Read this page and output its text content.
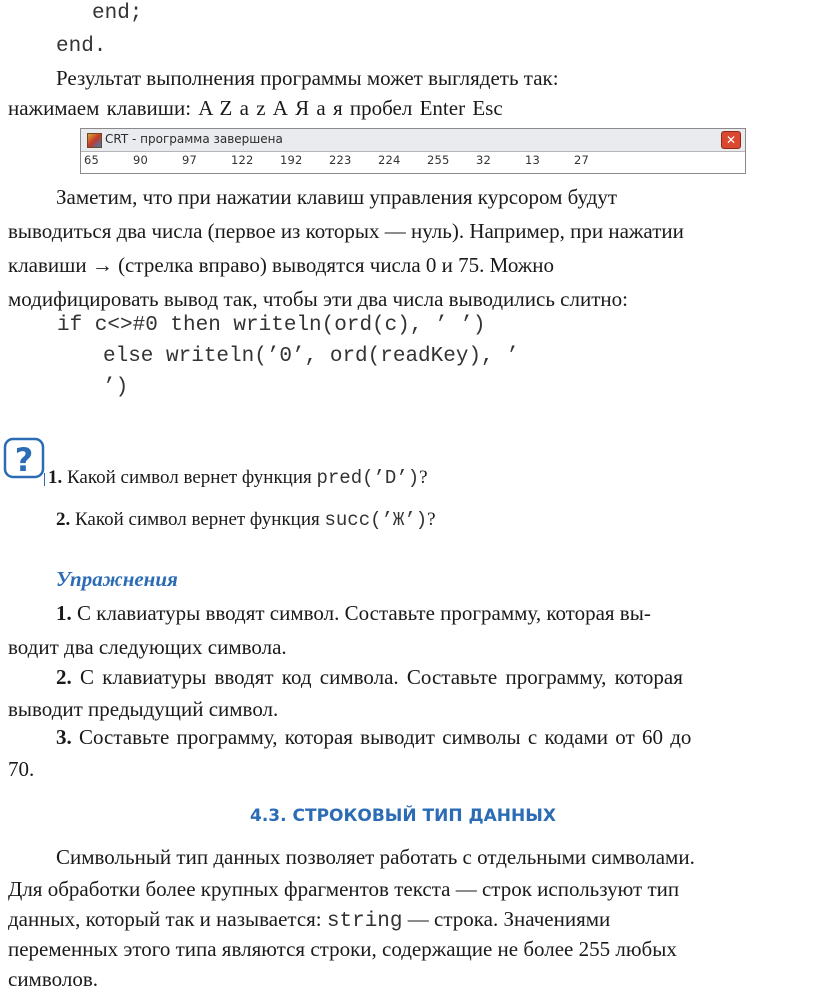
end;
end.
Результат выполнения программы может выглядеть так:
нажимаем клавиши: A Z a z А Я а я пробел Enter Esc
CRT - программа завершена	✕
65	90	97	122 192 223 224 255 32	13	27
Заметим, что при нажатии клавиш управления курсором будут
выводиться два числа (первое из которых — нуль). Например, при нажатии
клавиши → (стрелка вправо) выводятся числа 0 и 75. Можно
модифицировать вывод так, чтобы эти два числа выводились слитно:
if c<>#0 then writeln(ord(c), ’ ’)
else writeln(’0’, ord(readKey), ’
’)
? 1. Какой символ вернет функция pred(’D’)?
2. Какой символ вернет функция succ(’Ж’)?
Упражнения
1. С клавиатуры вводят символ. Составьте программу, которая вы-
водит два следующих символа.
2. С клавиатуры вводят код символа. Составьте программу, которая
выводит предыдущий символ.
3. Составьте программу, которая выводит символы с кодами от 60 до
70.
4.3. СТРОКОВЫЙ ТИП ДАННЫХ
Символьный тип данных позволяет работать с отдельными символами.
Для обработки более крупных фрагментов текста — строк используют тип
данных, который так и называется: string — строка. Значениями
переменных этого типа являются строки, содержащие не более 255 любых
символов.
